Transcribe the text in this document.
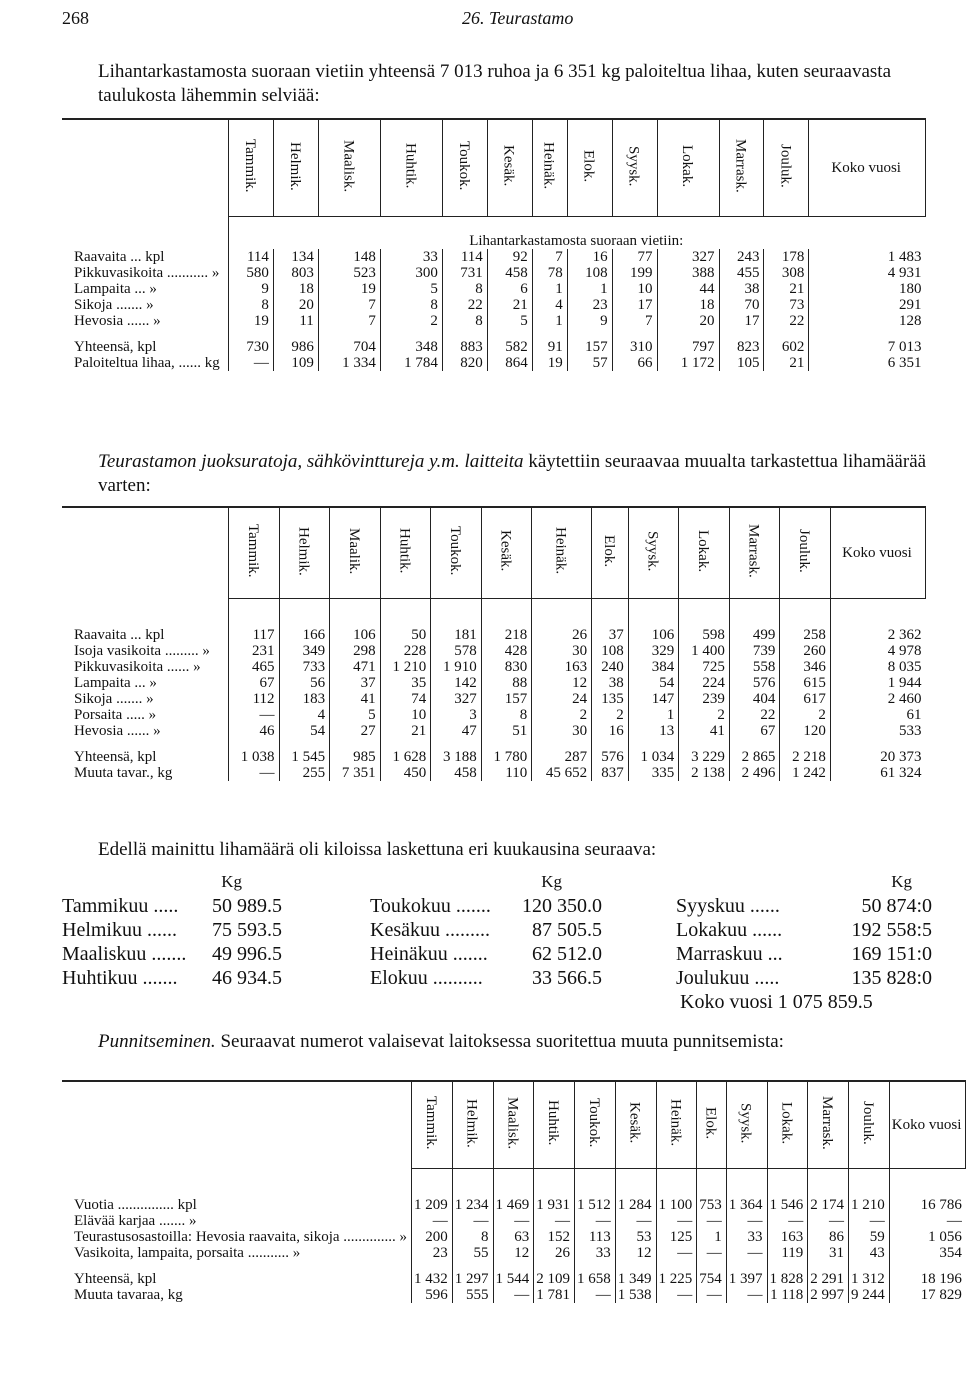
268	26. Teurastamo
Lihantarkastamosta suoraan vietiin yhteensä 7 013 ruhoa ja 6 351 kg paloiteltua lihaa, kuten seuraavasta taulukosta lähemmin selviää:
	Tammik.	Helmik.	Maalisk.	Huhtik.	Toukok.	Kesäk.	Heinäk.	Elok.	Syysk.	Lokak.	Marrask.	Jouluk.	Koko vuosi
	Lihantarkastamosta suoraan vietiin:												
Raavaita ... kpl	114	134	148	33	114	92	7	16	77	327	243	178	1 483
Pikkuvasikoita ........... »	580	803	523	300	731	458	78	108	199	388	455	308	4 931
Lampaita ... »	9	18	19	5	8	6	1	1	10	44	38	21	180
Sikoja ....... »	8	20	7	8	22	21	4	23	17	18	70	73	291
Hevosia ...... »	19	11	7	2	8	5	1	9	7	20	17	22	128

Yhteensä, kpl	730	986	704	348	883	582	91	157	310	797	823	602	7 013
Paloiteltua lihaa, ...... kg	—	109	1 334	1 784	820	864	19	57	66	1 172	105	21	6 351
Teurastamon juoksuratoja, sähkövinttureja y.m. laitteita käytettiin seuraavaa muualta tarkastettua lihamäärää varten:
	Tammik.	Helmik.	Maalik.	Huhtik.	Toukok.	Kesäk.	Heinäk.	Elok.	Syysk.	Lokak.	Marrask.	Jouluk.	Koko vuosi

Raavaita ... kpl	117	166	106	50	181	218	26	37	106	598	499	258	2 362
Isoja vasikoita ......... »	231	349	298	228	578	428	30	108	329	1 400	739	260	4 978
Pikkuvasikoita ...... »	465	733	471	1 210	1 910	830	163	240	384	725	558	346	8 035
Lampaita ... »	67	56	37	35	142	88	12	38	54	224	576	615	1 944
Sikoja ....... »	112	183	41	74	327	157	24	135	147	239	404	617	2 460
Porsaita ..... »	—	4	5	10	3	8	2	2	1	2	22	2	61
Hevosia ...... »	46	54	27	21	47	51	30	16	13	41	67	120	533

Yhteensä, kpl	1 038	1 545	985	1 628	3 188	1 780	287	576	1 034	3 229	2 865	2 218	20 373
Muuta tavar., kg	—	255	7 351	450	458	110	45 652	837	335	2 138	2 496	1 242	61 324
Edellä mainittu lihamäärä oli kiloissa laskettuna eri kuukausina seuraava:
Kg
Tammikuu ..... 50 989.5
Helmikuu ...... 75 593.5
Maaliskuu ....... 49 996.5
Huhtikuu ....... 46 934.5
Kg
Toukokuu ....... 120 350.0
Kesäkuu ......... 87 505.5
Heinäkuu ....... 62 512.0
Elokuu .......... 33 566.5
Kg
Syyskuu ......	50 874:0
Lokakuu ......	192 558:5
Marraskuu ...	169 151:0
Joulukuu .....	135 828:0
Koko vuosi 1 075 859.5
Punnitseminen. Seuraavat numerot valaisevat laitoksessa suoritettua muuta punnitsemista:
	Tammik.	Helmik.	Maalisk.	Huhtik.	Toukok.	Kesäk.	Heinäk.	Elok.	Syysk.	Lokak.	Marrask.	Jouluk.	Koko vuosi

Vuotia ............... kpl	1 209	1 234	1 469	1 931	1 512	1 284	1 100	753	1 364	1 546	2 174	1 210	16 786
Elävää karjaa ....... »	—	—	—	—	—	—	—	—	—	—	—	—	—
Teurastusosastoilla: Hevosia raavaita, sikoja .............. »	200	8	63	152	113	53	125	1	33	163	86	59	1 056
Vasikoita, lampaita, porsaita ........... »	23	55	12	26	33	12	—	—	—	119	31	43	354

Yhteensä, kpl	1 432	1 297	1 544	2 109	1 658	1 349	1 225	754	1 397	1 828	2 291	1 312	18 196
Muuta tavaraa, kg	596	555	—	1 781	—	1 538	—	—	—	1 118	2 997	9 244	17 829
